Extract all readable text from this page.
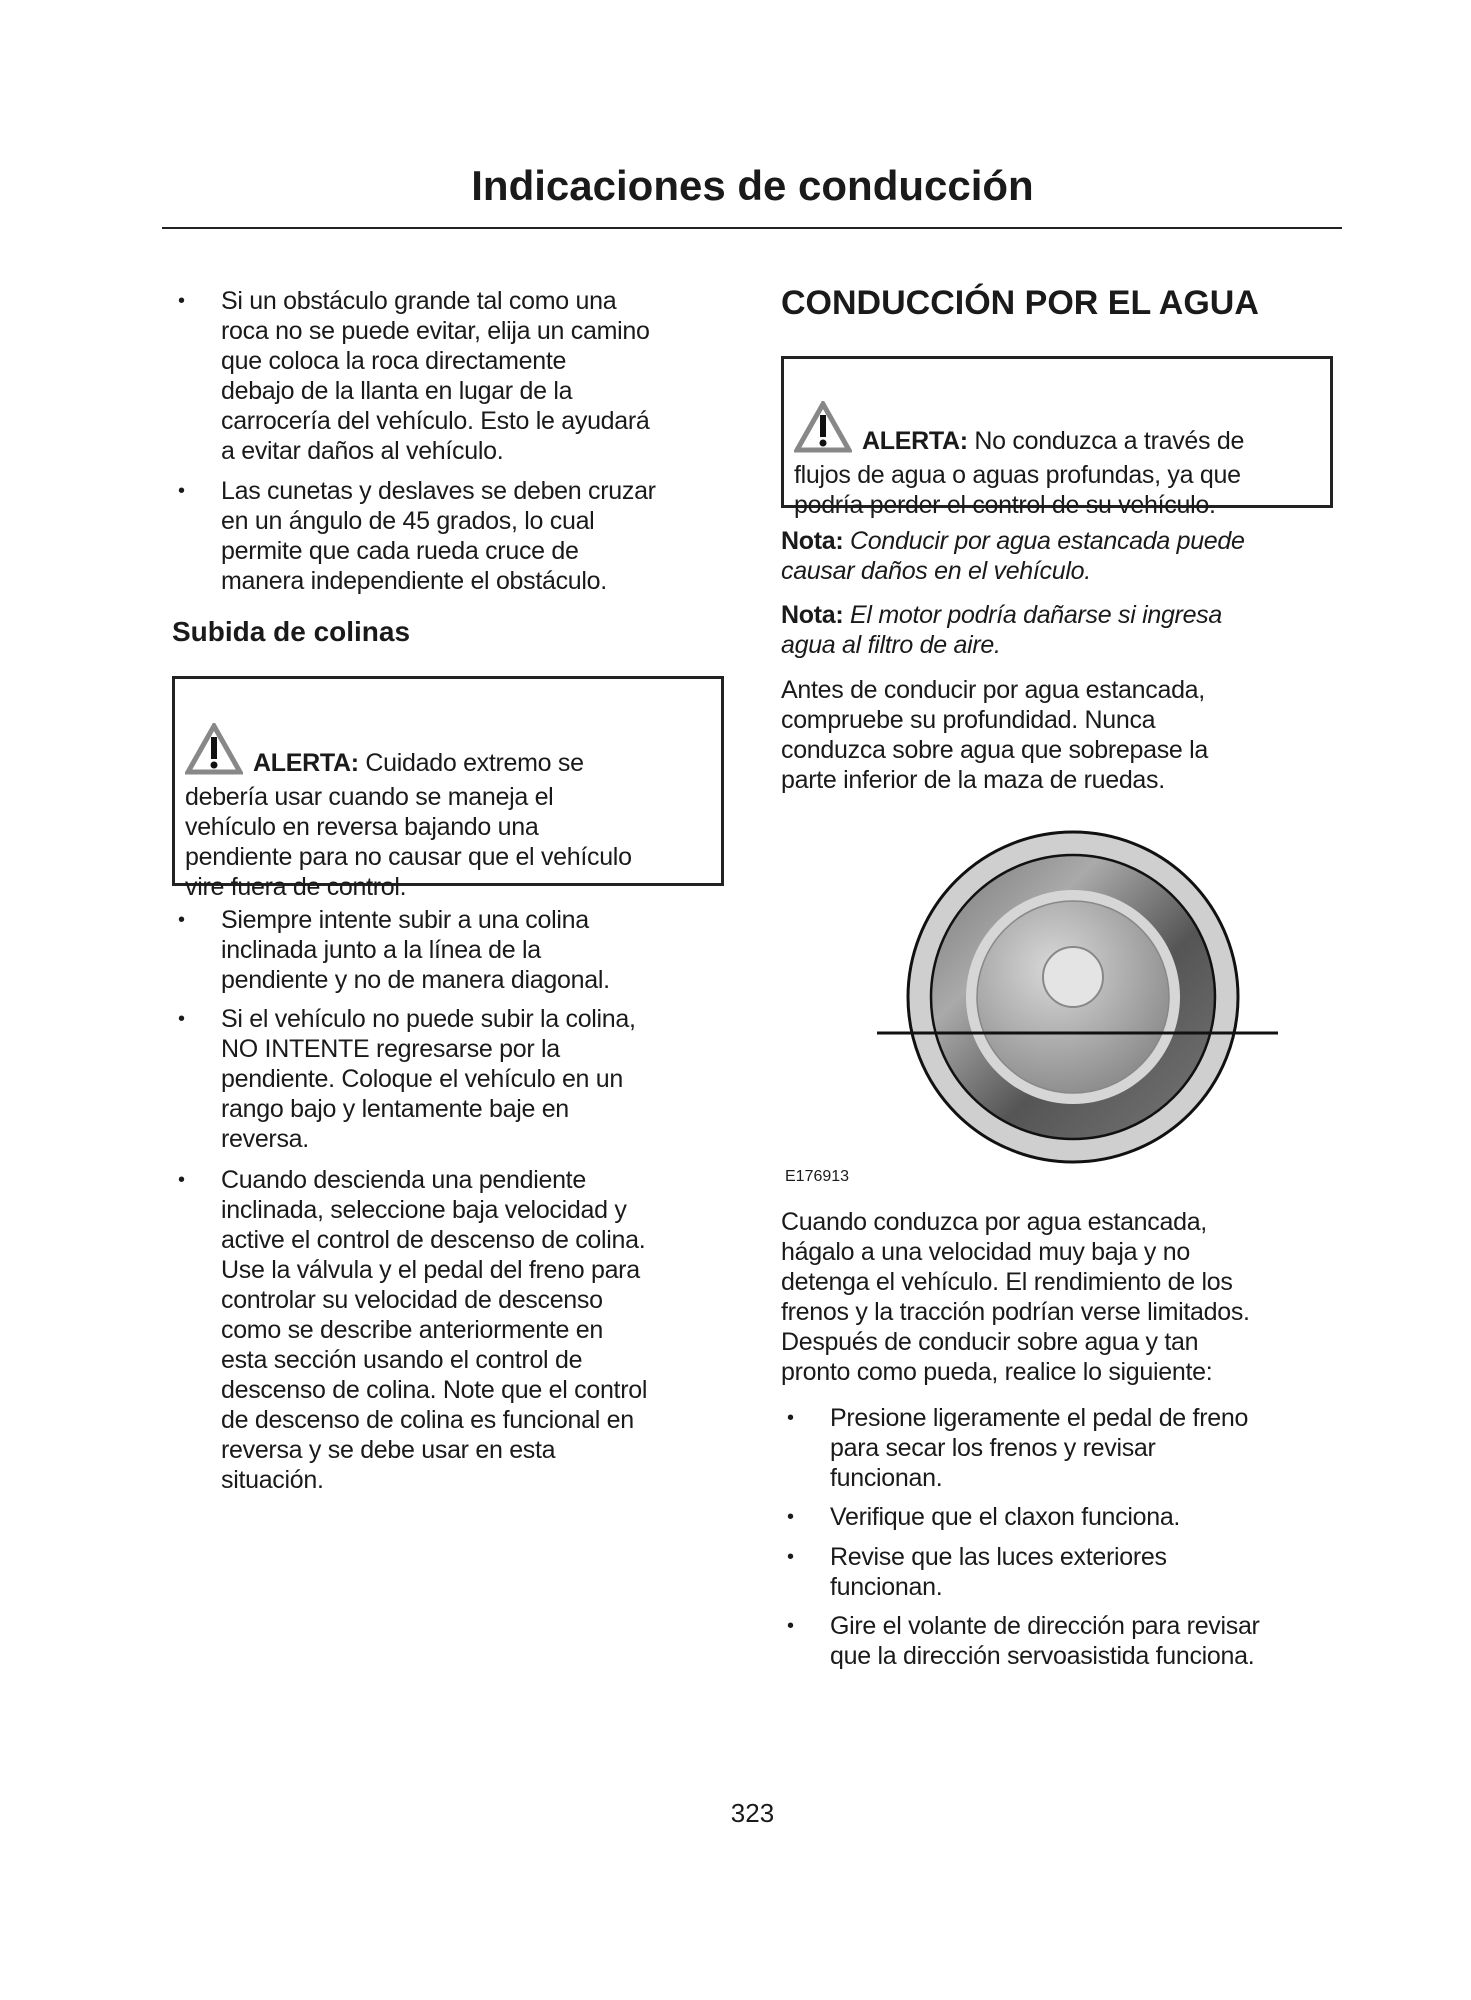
Indicaciones de conducción
• Si un obstáculo grande tal como una
roca no se puede evitar, elija un camino
que coloca la roca directamente
debajo de la llanta en lugar de la
carrocería del vehículo. Esto le ayudará
a evitar daños al vehículo.
• Las cunetas y deslaves se deben cruzar
en un ángulo de 45 grados, lo cual
permite que cada rueda cruce de
manera independiente el obstáculo.
Subida de colinas

ALERTA: Cuidado extremo se

debería usar cuando se maneja el
vehículo en reversa bajando una
pendiente para no causar que el vehículo
vire fuera de control.

• Siempre intente subir a una colina
inclinada junto a la línea de la
pendiente y no de manera diagonal.
• Si el vehículo no puede subir la colina,
NO INTENTE regresarse por la
pendiente. Coloque el vehículo en un
rango bajo y lentamente baje en
reversa.
• Cuando descienda una pendiente
inclinada, seleccione baja velocidad y
active el control de descenso de colina.
Use la válvula y el pedal del freno para
controlar su velocidad de descenso
como se describe anteriormente en
esta sección usando el control de
descenso de colina. Note que el control
de descenso de colina es funcional en
reversa y se debe usar en esta
situación.
CONDUCCIÓN POR EL AGUA

ALERTA: No conduzca a través de

flujos de agua o aguas profundas, ya que
podría perder el control de su vehículo.

Nota: Conducir por agua estancada puede
causar daños en el vehículo.
Nota: El motor podría dañarse si ingresa
agua al filtro de aire.
Antes de conducir por agua estancada,
compruebe su profundidad. Nunca
conduzca sobre agua que sobrepase la
parte inferior de la maza de ruedas.
E176913
Cuando conduzca por agua estancada,
hágalo a una velocidad muy baja y no
detenga el vehículo. El rendimiento de los
frenos y la tracción podrían verse limitados.
Después de conducir sobre agua y tan
pronto como pueda, realice lo siguiente:
• Presione ligeramente el pedal de freno
para secar los frenos y revisar
funcionan.
• Verifique que el claxon funciona.
• Revise que las luces exteriores
funcionan.
• Gire el volante de dirección para revisar
que la dirección servoasistida funciona.
323
